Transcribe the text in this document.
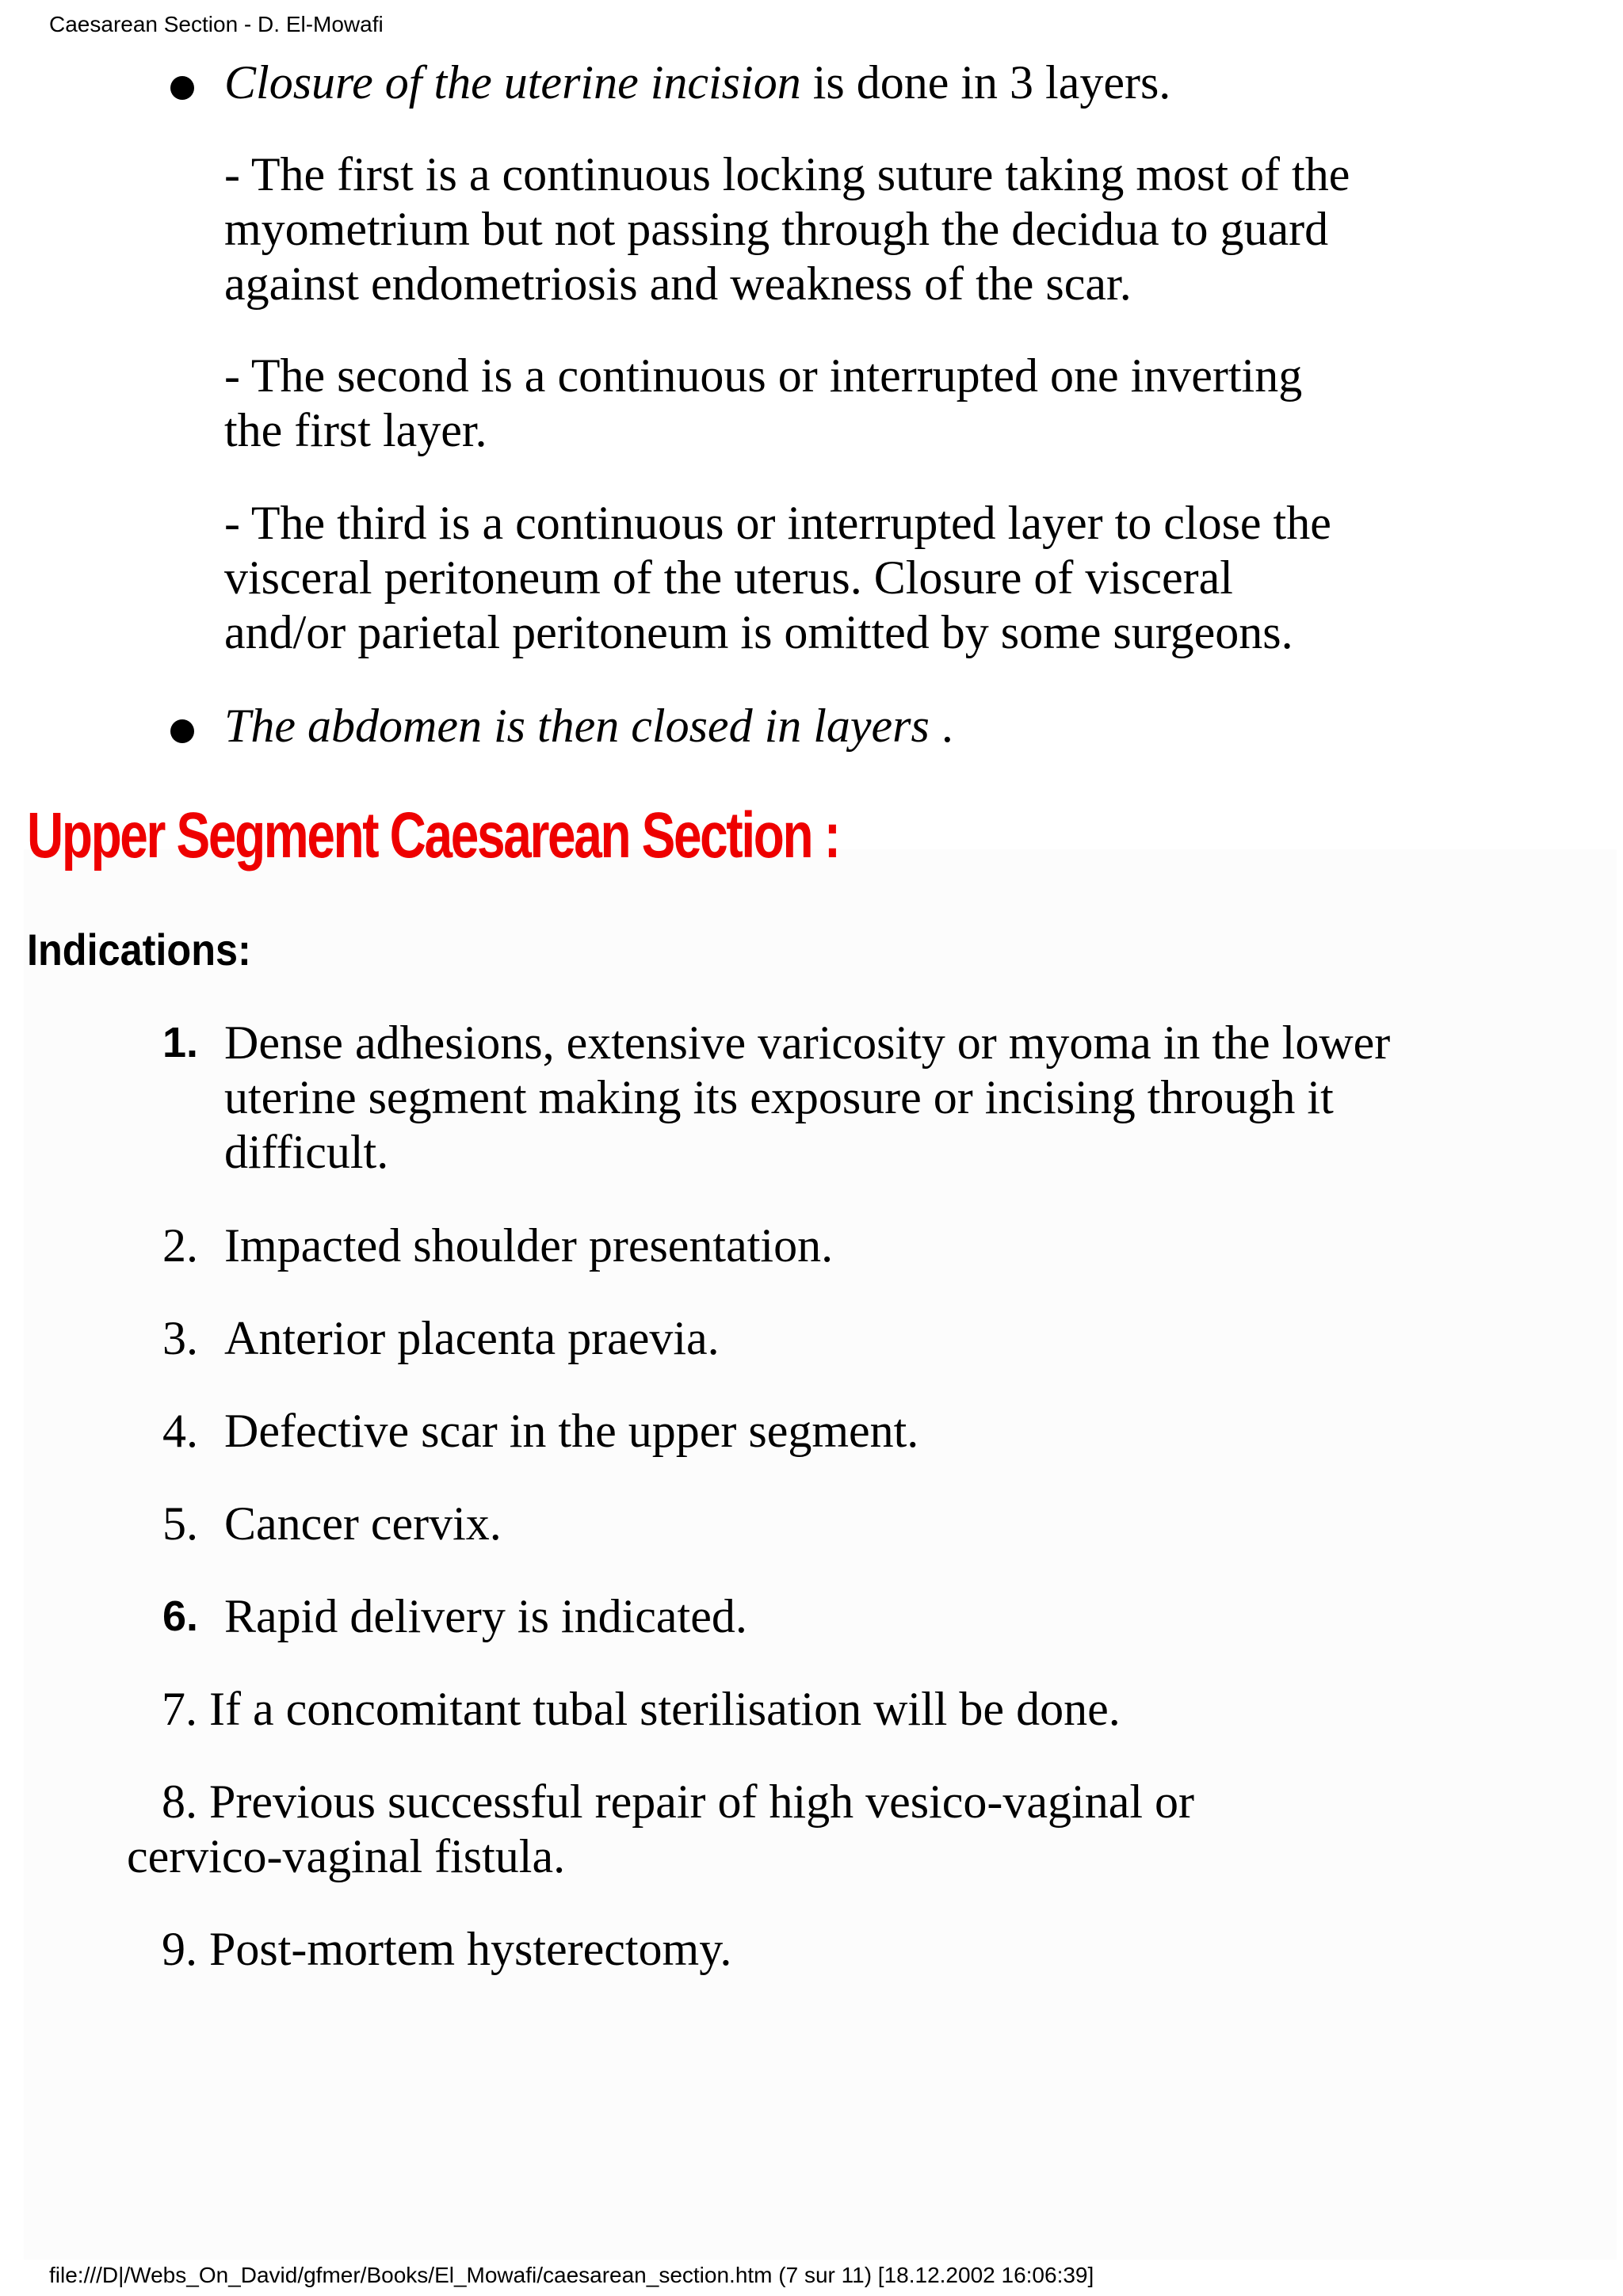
Caesarean Section - D. El-Mowafi
Closure of the uterine incision is done in 3 layers.
- The first is a continuous locking suture taking most of the
myometrium but not passing through the decidua to guard
against endometriosis and weakness of the scar.
- The second is a continuous or interrupted one inverting
the first layer.
- The third is a continuous or interrupted layer to close the
visceral peritoneum of the uterus. Closure of visceral
and/or parietal peritoneum is omitted by some surgeons.
The abdomen is then closed in layers .
Upper Segment Caesarean Section :
Indications:
1. Dense adhesions, extensive varicosity or myoma in the lower
uterine segment making its exposure or incising through it
difficult.
2. Impacted shoulder presentation.
3. Anterior placenta praevia.
4. Defective scar in the upper segment.
5. Cancer cervix.
6. Rapid delivery is indicated.
7. If a concomitant tubal sterilisation will be done.
8. Previous successful repair of high vesico-vaginal or
cervico-vaginal fistula.
9. Post-mortem hysterectomy.
file:///D|/Webs_On_David/gfmer/Books/El_Mowafi/caesarean_section.htm (7 sur 11) [18.12.2002 16:06:39]
